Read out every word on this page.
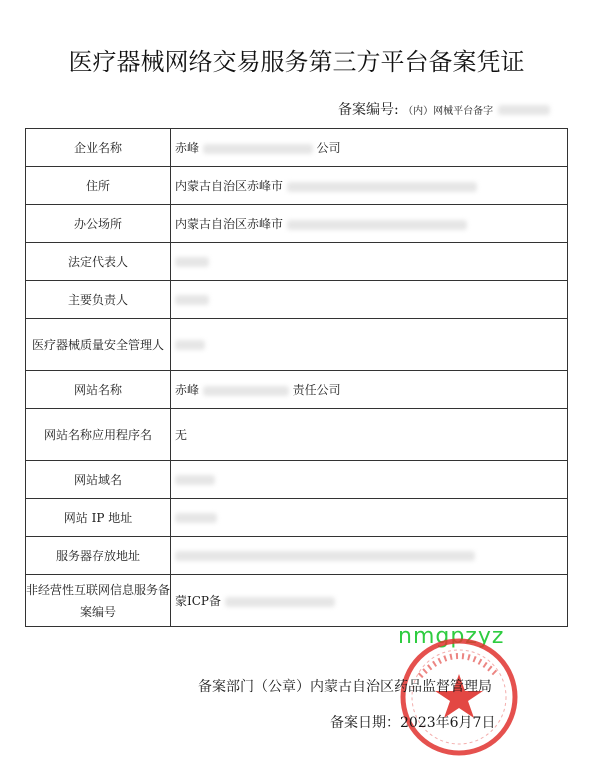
医疗器械网络交易服务第三方平台备案凭证
备案编号: （内）网械平台备字
企业名称	赤峰 公司
住所	内蒙古自治区赤峰市
办公场所	内蒙古自治区赤峰市
法定代表人	
主要负责人	
医疗器械质量安全管理人	
网站名称	赤峰 责任公司
网站名称应用程序名	无
网站域名	
网站 IP 地址	
服务器存放地址	
非经营性互联网信息服务备案编号	蒙ICP备
nmgpzyz
备案部门（公章）内蒙古自治区药品监督管理局
备案日期：2023年6月7日
